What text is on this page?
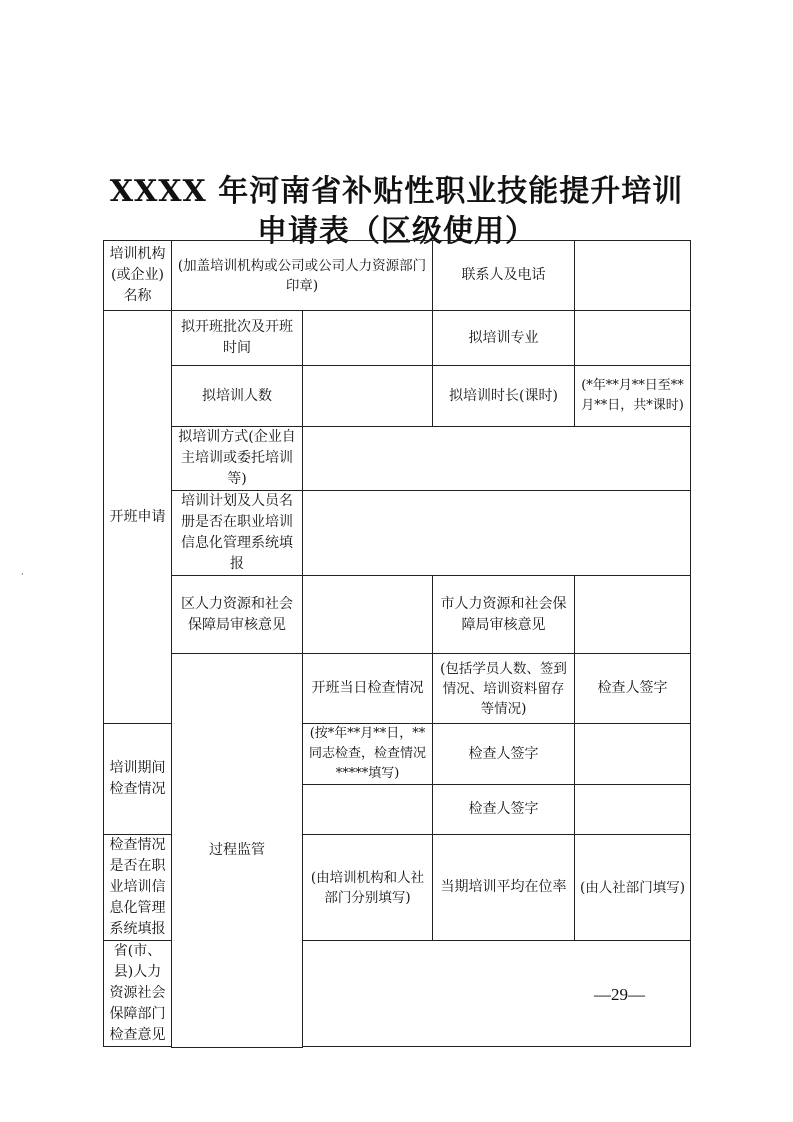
XXXX 年河南省补贴性职业技能提升培训
申请表（区级使用）
培训机构(或企业)名称	(加盖培训机构或公司或公司人力资源部门印章)		联系人及电话		
开班申请	拟开班批次及开班时间		拟培训专业		
	拟培训人数		拟培训时长(课时)	(*年**月**日至**月**日，共*课时)	
	拟培训方式(企业自主培训或委托培训等)				
	培训计划及人员名册是否在职业培训信息化管理系统填报				
	区人力资源和社会保障局审核意见		市人力资源和社会保障局审核意见		
	过程监管	开班当日检查情况	(包括学员人数、签到情况、培训资料留存等情况)	检查人签字	
培训期间检查情况		(按*年**月**日，**同志检查，检查情况*****填写)	检查人签字		
			检查人签字		
检查情况是否在职业培训信息化管理系统填报		(由培训机构和人社部门分别填写)	当期培训平均在位率	(由人社部门填写)	
省(市、县)人力资源社会保障部门检查意见					

—29—
·
